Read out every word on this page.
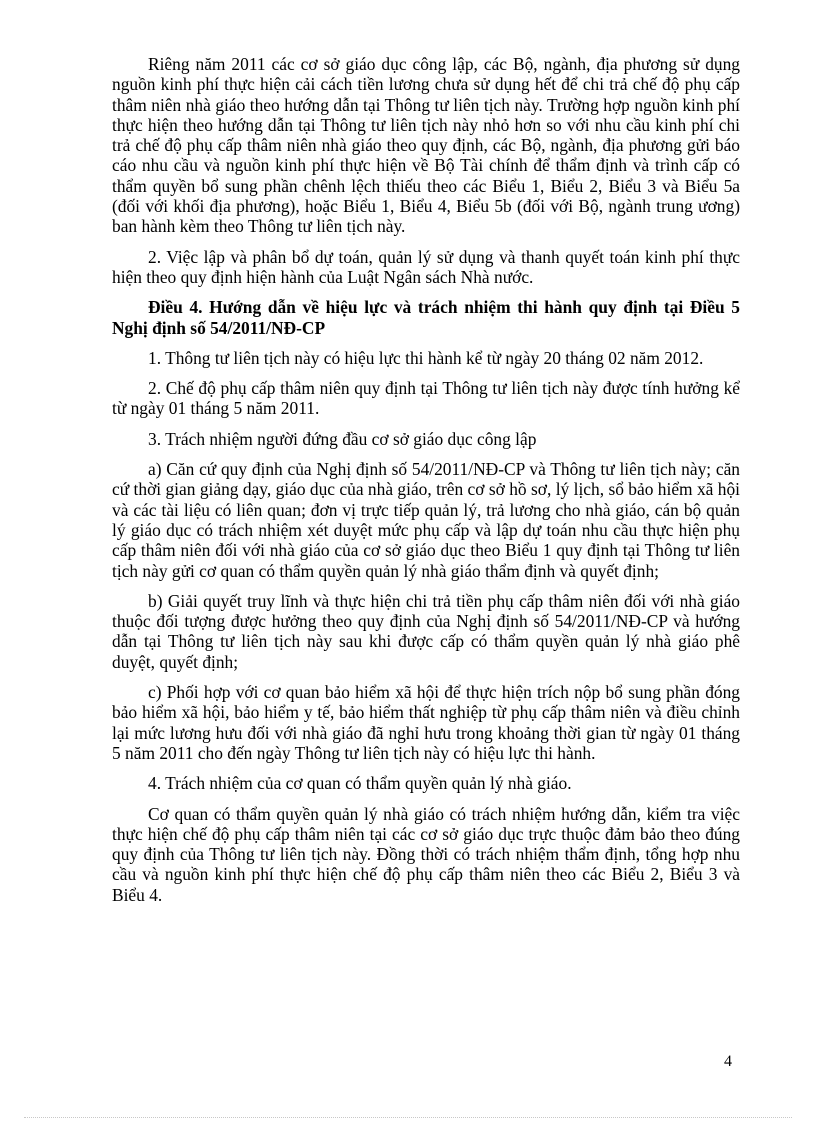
Riêng năm 2011 các cơ sở giáo dục công lập, các Bộ, ngành, địa phương sử dụng nguồn kinh phí thực hiện cải cách tiền lương chưa sử dụng hết để chi trả chế độ phụ cấp thâm niên nhà giáo theo hướng dẫn tại Thông tư liên tịch này. Trường hợp nguồn kinh phí thực hiện theo hướng dẫn tại Thông tư liên tịch này nhỏ hơn so với nhu cầu kinh phí chi trả chế độ phụ cấp thâm niên nhà giáo theo quy định, các Bộ, ngành, địa phương gửi báo cáo nhu cầu và nguồn kinh phí thực hiện về Bộ Tài chính để thẩm định và trình cấp có thẩm quyền bổ sung phần chênh lệch thiếu theo các Biểu 1, Biểu 2, Biểu 3 và Biểu 5a (đối với khối địa phương), hoặc Biểu 1, Biểu 4, Biểu 5b (đối với Bộ, ngành trung ương) ban hành kèm theo Thông tư liên tịch này.

2. Việc lập và phân bổ dự toán, quản lý sử dụng và thanh quyết toán kinh phí thực hiện theo quy định hiện hành của Luật Ngân sách Nhà nước.

Điều 4. Hướng dẫn về hiệu lực và trách nhiệm thi hành quy định tại Điều 5 Nghị định số 54/2011/NĐ-CP

1. Thông tư liên tịch này có hiệu lực thi hành kể từ ngày 20 tháng 02 năm 2012.

2. Chế độ phụ cấp thâm niên quy định tại Thông tư liên tịch này được tính hưởng kể từ ngày 01 tháng 5 năm 2011.

3. Trách nhiệm người đứng đầu cơ sở giáo dục công lập

a) Căn cứ quy định của Nghị định số 54/2011/NĐ-CP và Thông tư liên tịch này; căn cứ thời gian giảng dạy, giáo dục của nhà giáo, trên cơ sở hồ sơ, lý lịch, sổ bảo hiểm xã hội và các tài liệu có liên quan; đơn vị trực tiếp quản lý, trả lương cho nhà giáo, cán bộ quản lý giáo dục có trách nhiệm xét duyệt mức phụ cấp và lập dự toán nhu cầu thực hiện phụ cấp thâm niên đối với nhà giáo của cơ sở giáo dục theo Biểu 1 quy định tại Thông tư liên tịch này gửi cơ quan có thẩm quyền quản lý nhà giáo thẩm định và quyết định;

b) Giải quyết truy lĩnh và thực hiện chi trả tiền phụ cấp thâm niên đối với nhà giáo thuộc đối tượng được hưởng theo quy định của Nghị định số 54/2011/NĐ-CP và hướng dẫn tại Thông tư liên tịch này sau khi được cấp có thẩm quyền quản lý nhà giáo phê duyệt, quyết định;

c) Phối hợp với cơ quan bảo hiểm xã hội để thực hiện trích nộp bổ sung phần đóng bảo hiểm xã hội, bảo hiểm y tế, bảo hiểm thất nghiệp từ phụ cấp thâm niên và điều chỉnh lại mức lương hưu đối với nhà giáo đã nghỉ hưu trong khoảng thời gian từ ngày 01 tháng 5 năm 2011 cho đến ngày Thông tư liên tịch này có hiệu lực thi hành.

4. Trách nhiệm của cơ quan có thẩm quyền quản lý nhà giáo.

Cơ quan có thẩm quyền quản lý nhà giáo có trách nhiệm hướng dẫn, kiểm tra việc thực hiện chế độ phụ cấp thâm niên tại các cơ sở giáo dục trực thuộc đảm bảo theo đúng quy định của Thông tư liên tịch này. Đồng thời có trách nhiệm thẩm định, tổng hợp nhu cầu và nguồn kinh phí thực hiện chế độ phụ cấp thâm niên theo các Biểu 2, Biểu 3 và Biểu 4.

4
